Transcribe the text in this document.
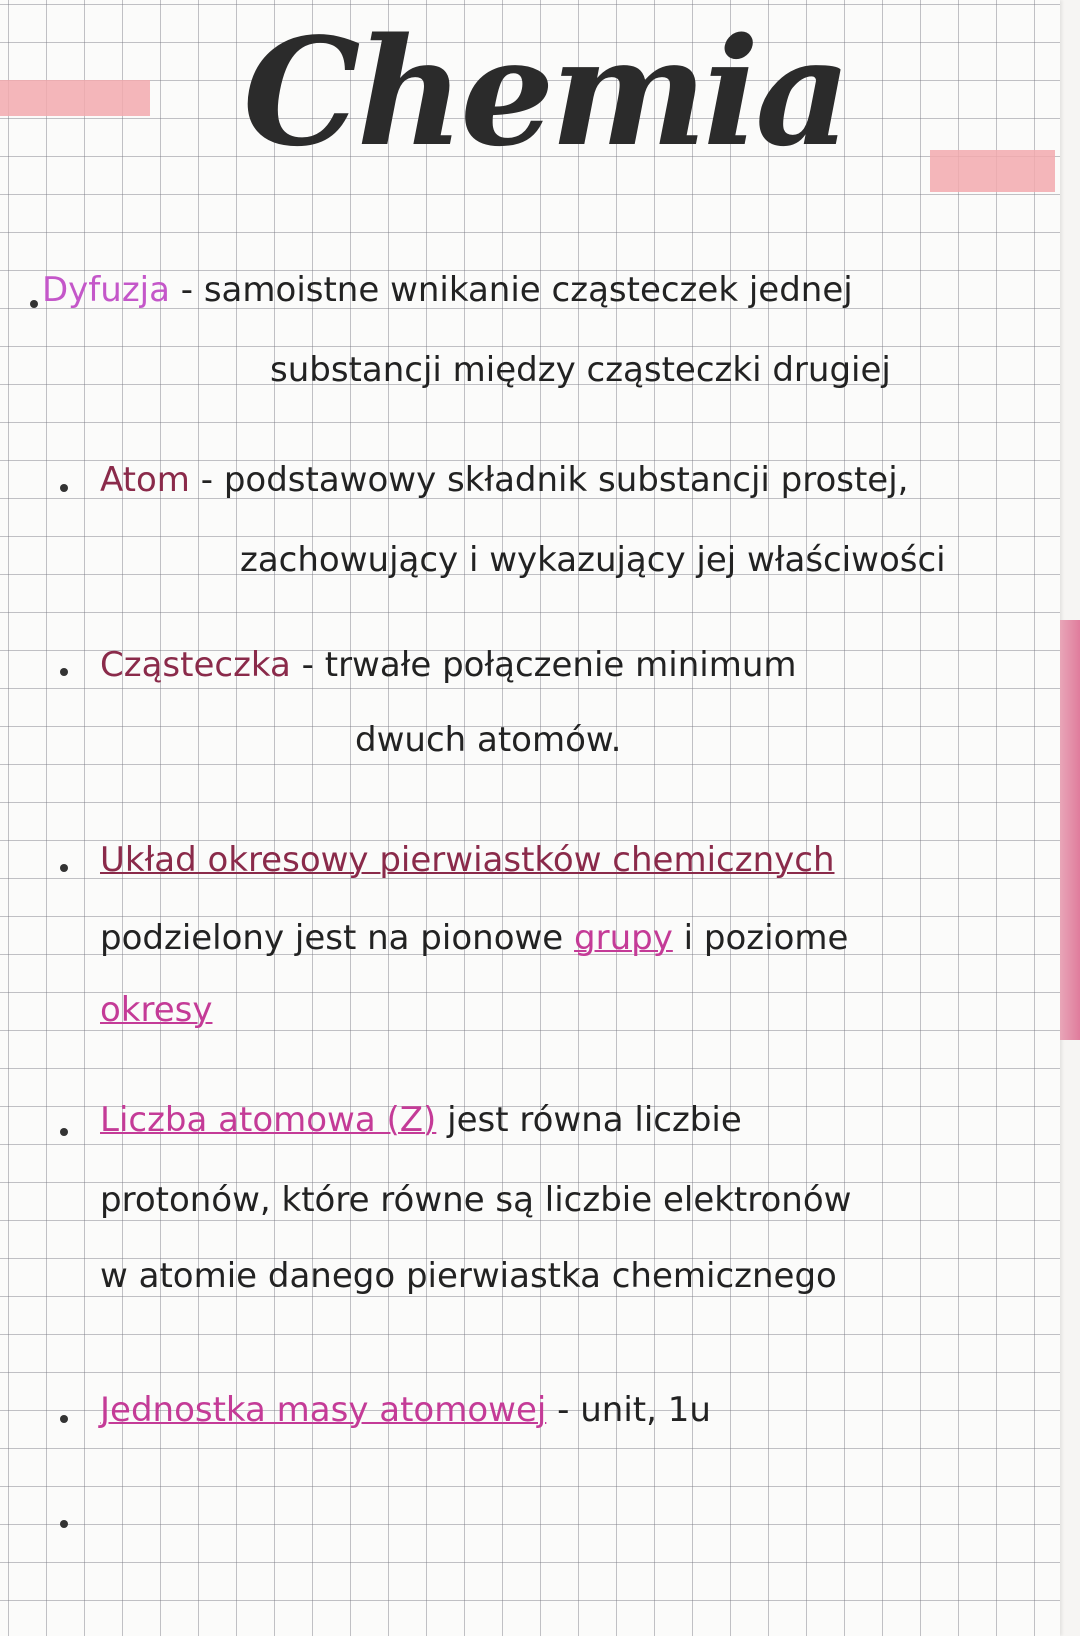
Chemia
Dyfuzja - samoistne wnikanie cząsteczek jednej
substancji między cząsteczki drugiej
Atom - podstawowy składnik substancji prostej,
zachowujący i wykazujący jej właściwości
Cząsteczka - trwałe połączenie minimum
dwuch atomów.
Układ okresowy pierwiastków chemicznych
podzielony jest na pionowe grupy i poziome
okresy
Liczba atomowa (Z) jest równa liczbie
protonów, które równe są liczbie elektronów
w atomie danego pierwiastka chemicznego
Jednostka masy atomowej - unit, 1u
